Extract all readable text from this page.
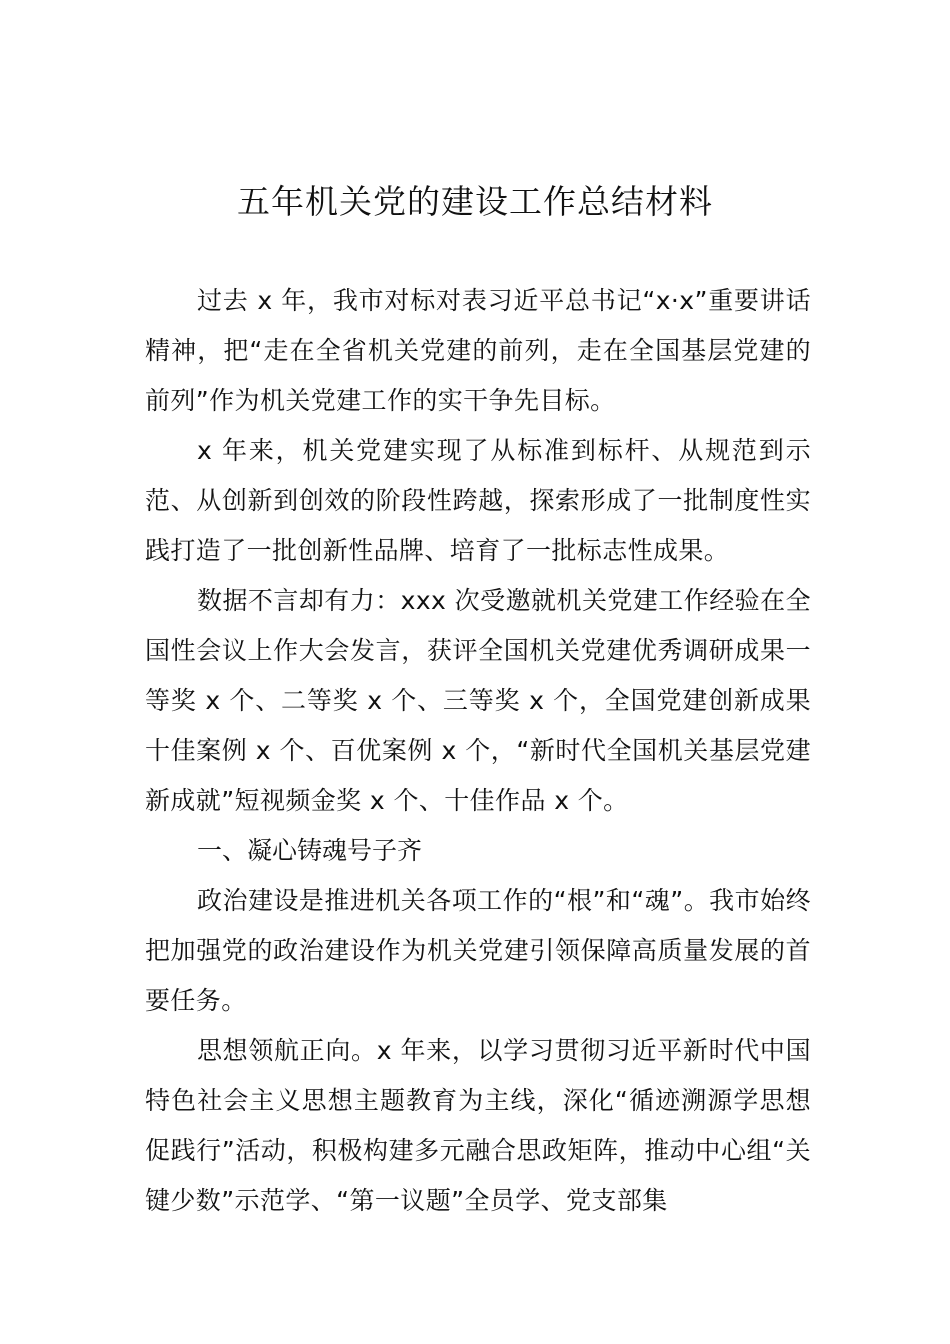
五年机关党的建设工作总结材料

过去 x 年，我市对标对表习近平总书记“x·x”重要讲话精神，把“走在全省机关党建的前列，走在全国基层党建的前列”作为机关党建工作的实干争先目标。

x 年来，机关党建实现了从标准到标杆、从规范到示范、从创新到创效的阶段性跨越，探索形成了一批制度性实践打造了一批创新性品牌、培育了一批标志性成果。

数据不言却有力：xxx 次受邀就机关党建工作经验在全国性会议上作大会发言，获评全国机关党建优秀调研成果一等奖 x 个、二等奖 x 个、三等奖 x 个，全国党建创新成果十佳案例 x 个、百优案例 x 个，“新时代全国机关基层党建新成就”短视频金奖 x 个、十佳作品 x 个。

一、凝心铸魂号子齐

政治建设是推进机关各项工作的“根”和“魂”。我市始终把加强党的政治建设作为机关党建引领保障高质量发展的首要任务。

思想领航正向。x 年来，以学习贯彻习近平新时代中国特色社会主义思想主题教育为主线，深化“循迹溯源学思想促践行”活动，积极构建多元融合思政矩阵，推动中心组“关键少数”示范学、“第一议题”全员学、党支部集
